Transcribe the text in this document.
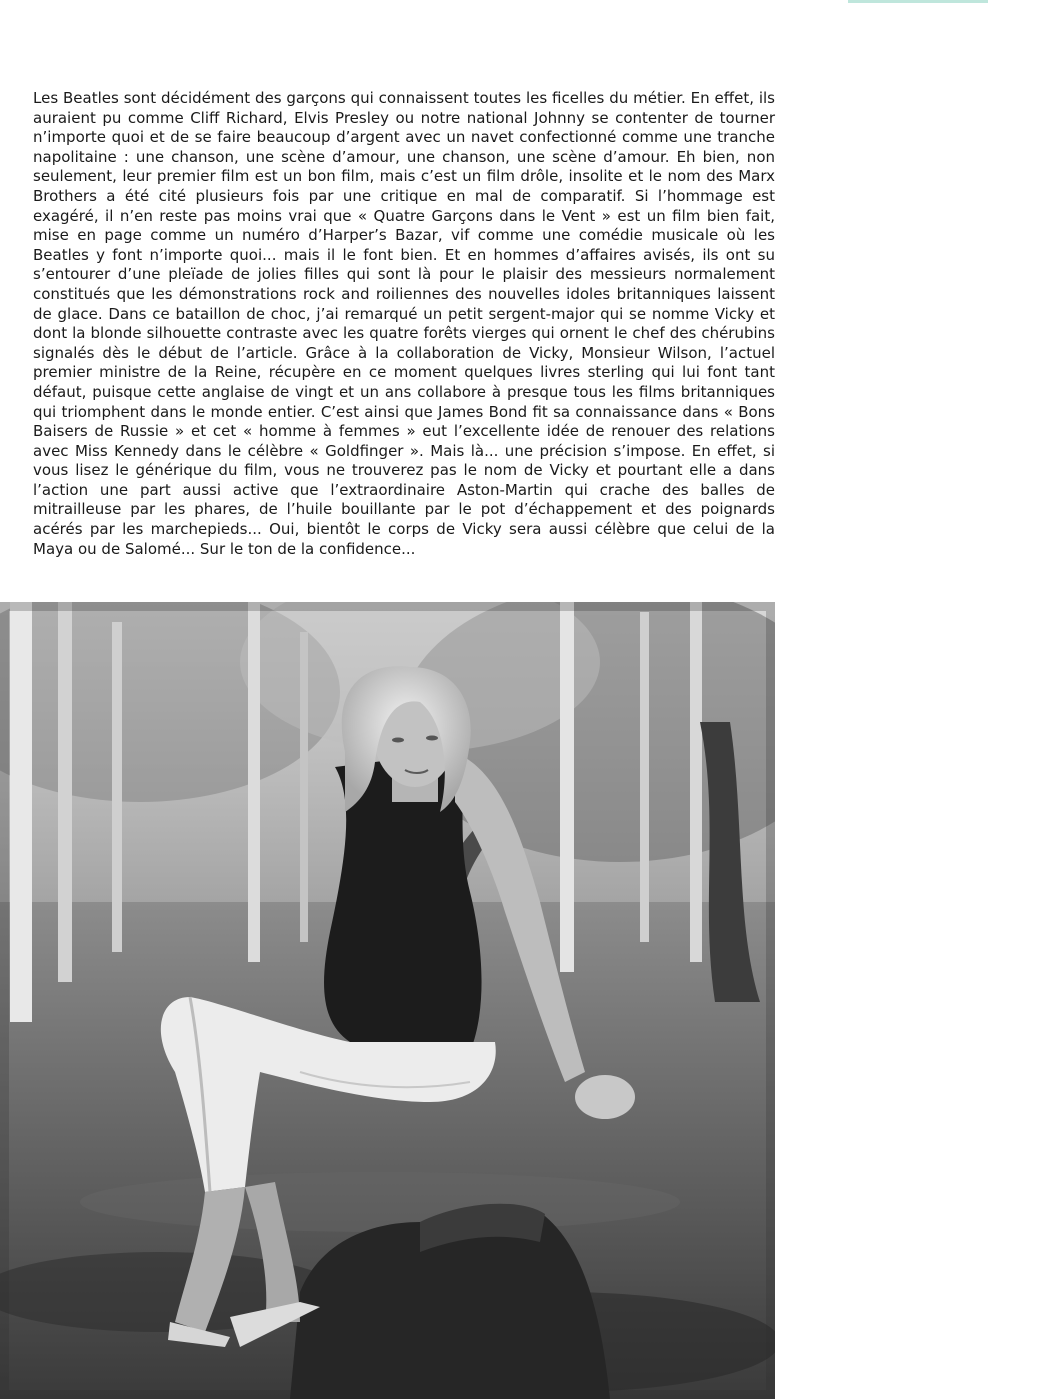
Les Beatles sont décidément des garçons qui connaissent toutes les ficelles du métier. En effet, ils auraient pu comme Cliff Richard, Elvis Presley ou notre national Johnny se contenter de tourner n’importe quoi et de se faire beaucoup d’argent avec un navet confectionné comme une tranche napolitaine : une chanson, une scène d’amour, une chanson, une scène d’amour. Eh bien, non seulement, leur premier film est un bon film, mais c’est un film drôle, insolite et le nom des Marx Brothers a été cité plusieurs fois par une critique en mal de comparatif. Si l’hommage est exagéré, il n’en reste pas moins vrai que « Quatre Garçons dans le Vent » est un film bien fait, mise en page comme un numéro d’Harper’s Bazar, vif comme une comédie musicale où les Beatles y font n’importe quoi... mais il le font bien. Et en hommes d’affaires avisés, ils ont su s’entourer d’une pleïade de jolies filles qui sont là pour le plaisir des messieurs normalement constitués que les démonstrations rock and roiliennes des nouvelles idoles britanniques laissent de glace. Dans ce bataillon de choc, j’ai remarqué un petit sergent-major qui se nomme Vicky et dont la blonde silhouette contraste avec les quatre forêts vierges qui ornent le chef des chérubins signalés dès le début de l’article. Grâce à la collaboration de Vicky, Monsieur Wilson, l’actuel premier ministre de la Reine, récupère en ce moment quelques livres sterling qui lui font tant défaut, puisque cette anglaise de vingt et un ans collabore à presque tous les films britanniques qui triomphent dans le monde entier. C’est ainsi que James Bond fit sa connaissance dans « Bons Baisers de Russie » et cet « homme à femmes » eut l’excellente idée de renouer des relations avec Miss Kennedy dans le célèbre « Goldfinger ». Mais là... une précision s’impose. En effet, si vous lisez le générique du film, vous ne trouverez pas le nom de Vicky et pourtant elle a dans l’action une part aussi active que l’extraordinaire Aston-Martin qui crache des balles de mitrailleuse par les phares, de l’huile bouillante par le pot d’échappement et des poignards acérés par les marchepieds... Oui, bientôt le corps de Vicky sera aussi célèbre que celui de la Maya ou de Salomé... Sur le ton de la confidence...
